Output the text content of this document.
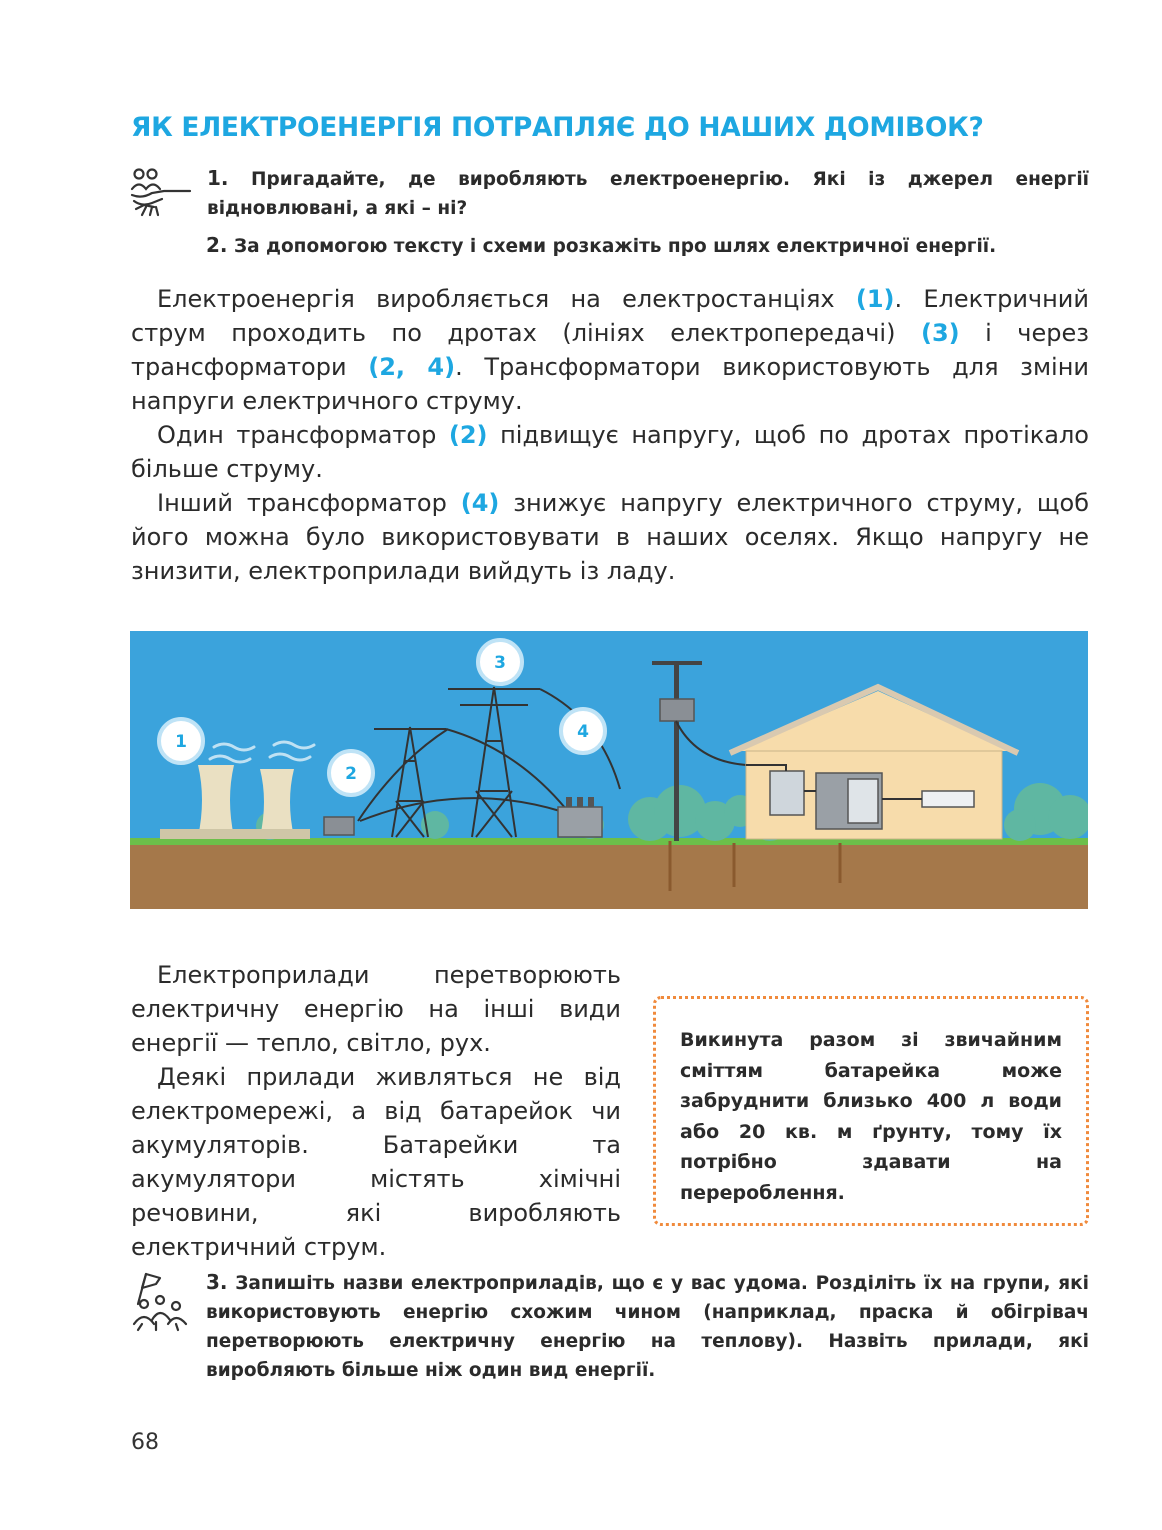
ЯК ЕЛЕКТРОЕНЕРГІЯ ПОТРАПЛЯЄ ДО НАШИХ ДОМІВОК?
1. Пригадайте, де виробляють електроенергію. Які із джерел енергії відновлювані, а які – ні?
2. За допомогою тексту і схеми розкажіть про шлях електричної енергії.

Електроенергія виробляється на електростанціях (1). Електричний струм проходить по дротах (лініях електропередачі) (3) і через трансформатори (2, 4). Трансформатори використовують для зміни напруги електричного струму.

Один трансформатор (2) підвищує напругу, щоб по дротах протікало більше струму.

Інший трансформатор (4) знижує напругу електричного струму, щоб його можна було використовувати в наших оселях. Якщо напругу не знизити, електроприлади вийдуть із ладу.

1
2
3
4

Електроприлади перетворюють електричну енергію на інші види енергії — тепло, світло, рух.

Деякі прилади живляться не від електромережі, а від батарейок чи акумуляторів. Батарейки та акумулятори містять хімічні речовини, які виробляють електричний струм.

Викинута разом зі звичайним сміттям батарейка може забруднити близько 400 л води або 20 кв. м ґрунту, тому їх потрібно здавати на перероблення.
3. Запишіть назви електроприладів, що є у вас удома. Розділіть їх на групи, які використовують енергію схожим чином (наприклад, праска й обігрівач перетворюють електричну енергію на теплову). Назвіть прилади, які виробляють більше ніж один вид енергії.
68
